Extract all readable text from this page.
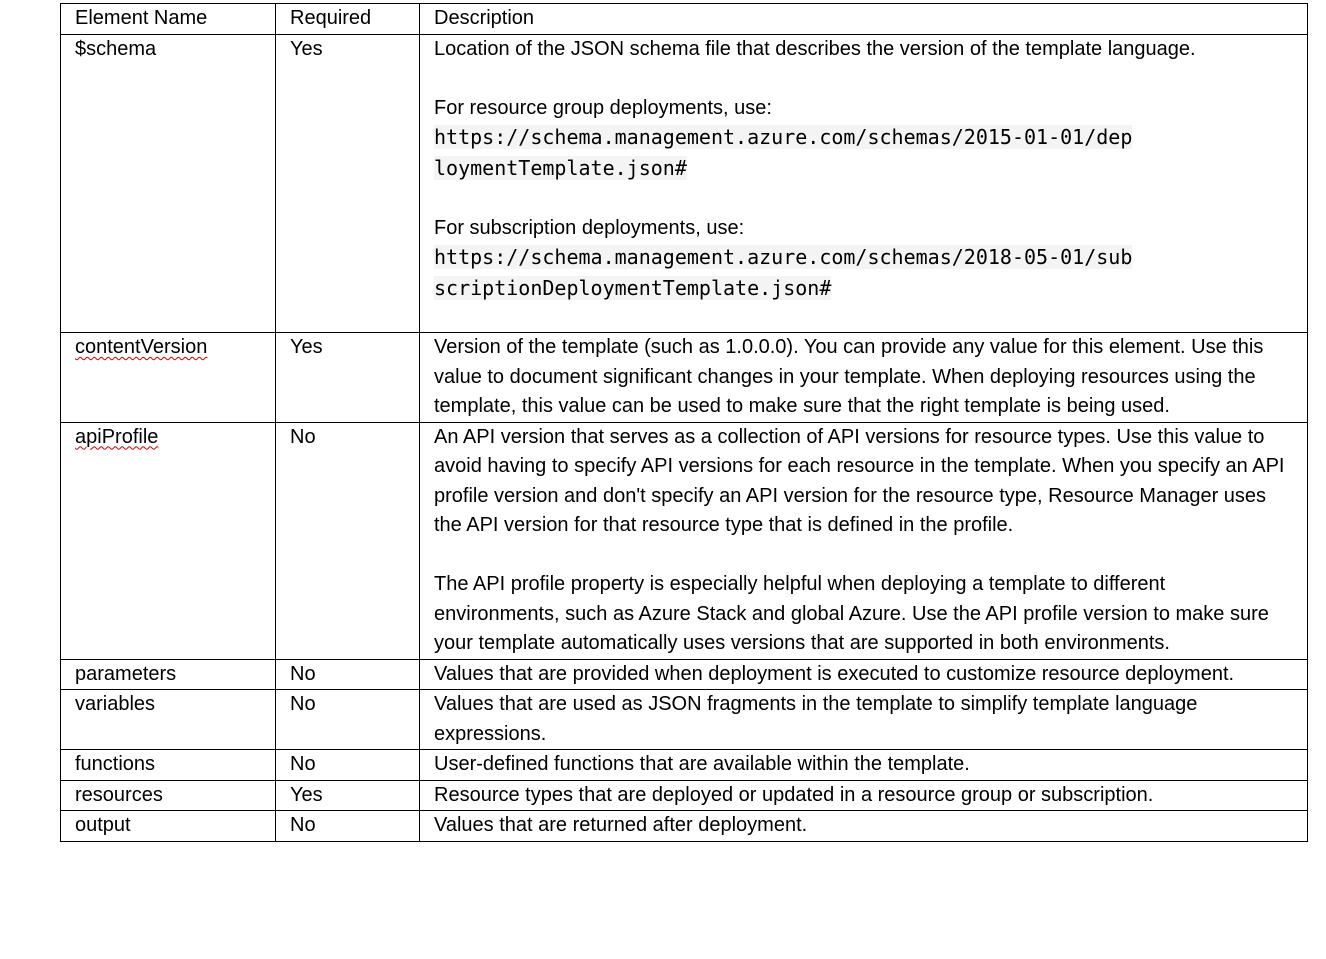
Element Name	Required	Description
$schema	Yes	Location of the JSON schema file that describes the version of the template language.

For resource group deployments, use:

https://schema.management.azure.com/schemas/2015-01-01/deploymentTemplate.json#

For subscription deployments, use:

https://schema.management.azure.com/schemas/2018-05-01/subscriptionDeploymentTemplate.json#

contentVersion	Yes	Version of the template (such as 1.0.0.0). You can provide any value for this element. Use this value to document significant changes in your template. When deploying resources using the template, this value can be used to make sure that the right template is being used.
apiProfile	No	An API version that serves as a collection of API versions for resource types. Use this value to avoid having to specify API versions for each resource in the template. When you specify an API profile version and don't specify an API version for the resource type, Resource Manager uses the API version for that resource type that is defined in the profile.

The API profile property is especially helpful when deploying a template to different environments, such as Azure Stack and global Azure. Use the API profile version to make sure your template automatically uses versions that are supported in both environments.

parameters	No	Values that are provided when deployment is executed to customize resource deployment.
variables	No	Values that are used as JSON fragments in the template to simplify template language expressions.
functions	No	User-defined functions that are available within the template.
resources	Yes	Resource types that are deployed or updated in a resource group or subscription.
output	No	Values that are returned after deployment.
